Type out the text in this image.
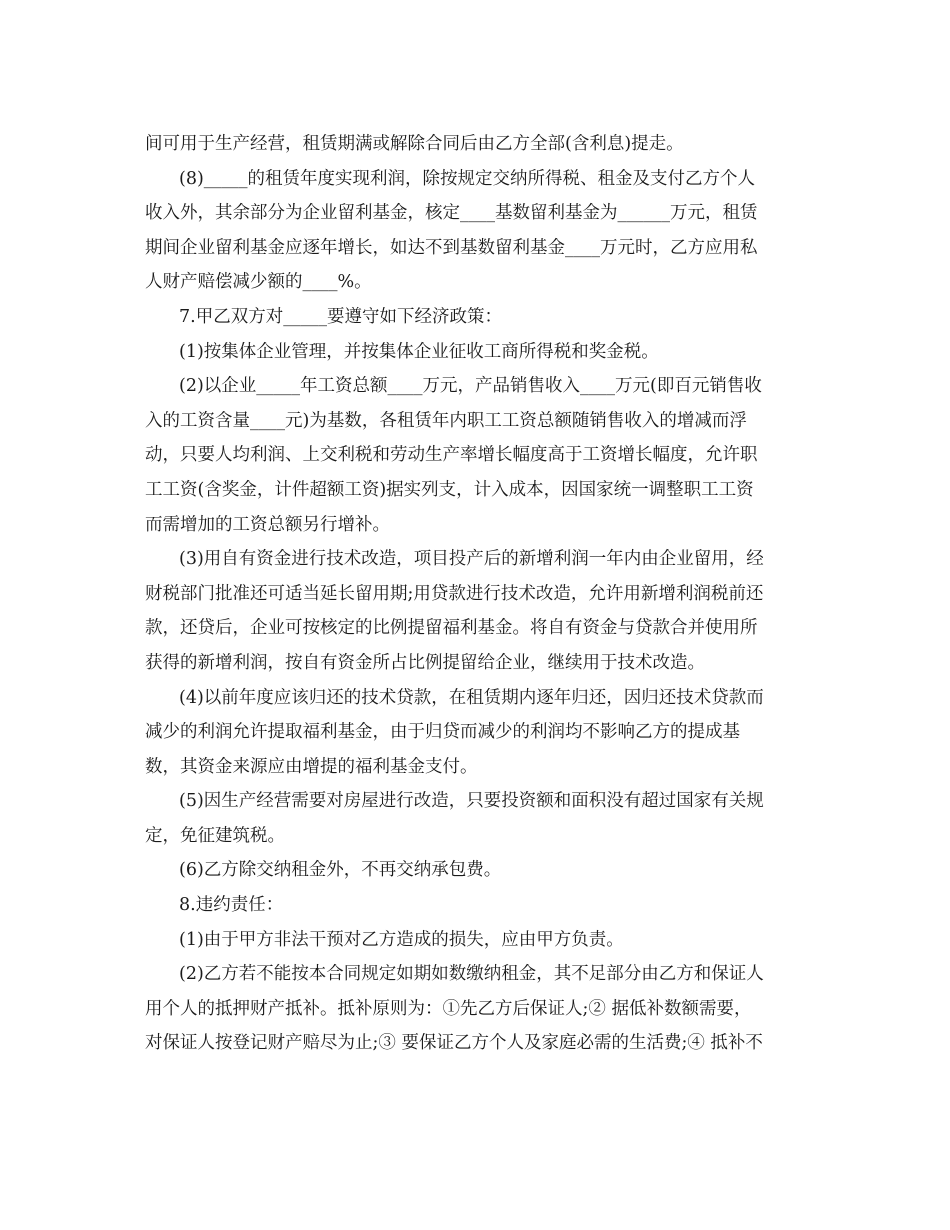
间可用于生产经营，租赁期满或解除合同后由乙方全部(含利息)提走。
(8)_____的租赁年度实现利润，除按规定交纳所得税、租金及支付乙方个人
收入外，其余部分为企业留利基金，核定____基数留利基金为______万元，租赁
期间企业留利基金应逐年增长，如达不到基数留利基金____万元时，乙方应用私
人财产赔偿减少额的____%。
7.甲乙双方对_____要遵守如下经济政策：
(1)按集体企业管理，并按集体企业征收工商所得税和奖金税。
(2)以企业_____年工资总额____万元，产品销售收入____万元(即百元销售收
入的工资含量____元)为基数，各租赁年内职工工资总额随销售收入的增减而浮
动，只要人均利润、上交利税和劳动生产率增长幅度高于工资增长幅度，允许职
工工资(含奖金，计件超额工资)据实列支，计入成本，因国家统一调整职工工资
而需增加的工资总额另行增补。
(3)用自有资金进行技术改造，项目投产后的新增利润一年内由企业留用，经
财税部门批准还可适当延长留用期;用贷款进行技术改造，允许用新增利润税前还
款，还贷后，企业可按核定的比例提留福利基金。将自有资金与贷款合并使用所
获得的新增利润，按自有资金所占比例提留给企业，继续用于技术改造。
(4)以前年度应该归还的技术贷款，在租赁期内逐年归还，因归还技术贷款而
减少的利润允许提取福利基金，由于归贷而减少的利润均不影响乙方的提成基
数，其资金来源应由增提的福利基金支付。
(5)因生产经营需要对房屋进行改造，只要投资额和面积没有超过国家有关规
定，免征建筑税。
(6)乙方除交纳租金外，不再交纳承包费。
8.违约责任：
(1)由于甲方非法干预对乙方造成的损失，应由甲方负责。
(2)乙方若不能按本合同规定如期如数缴纳租金，其不足部分由乙方和保证人
用个人的抵押财产抵补。抵补原则为：①先乙方后保证人;② 据低补数额需要，
对保证人按登记财产赔尽为止;③ 要保证乙方个人及家庭必需的生活费;④ 抵补不
